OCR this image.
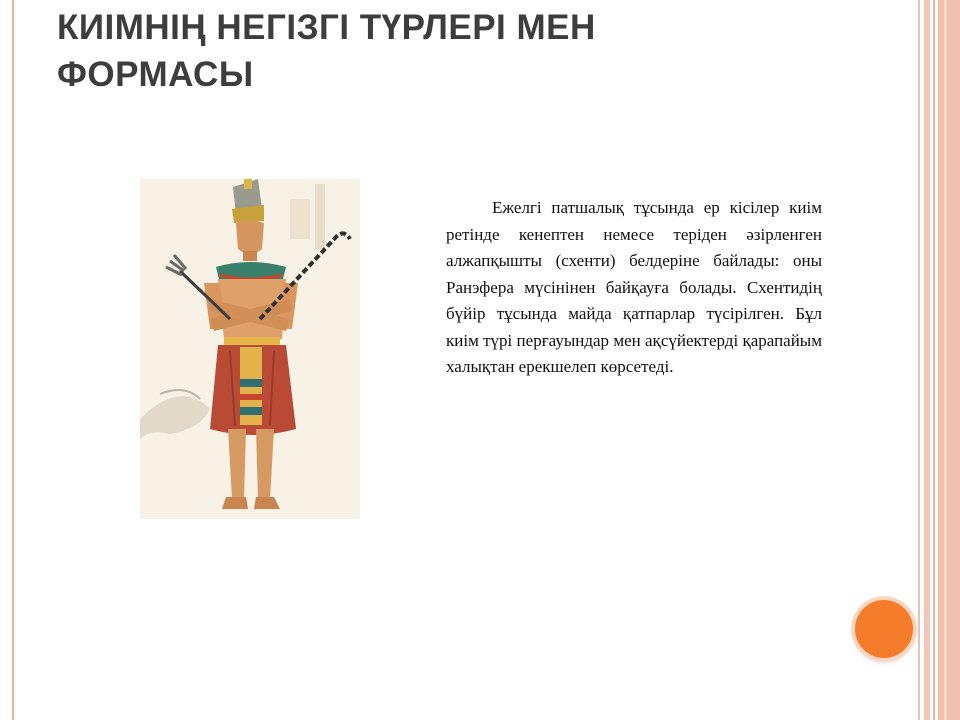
КИІМНІҢ НЕГІЗГІ ТҮРЛЕРІ МЕН ФОРМАСЫ

Ежелгі патшалық тұсында ер кісілер киім ретінде кенептен немесе теріден әзірленген алжапқышты (схенти) белдеріне байлады: оны Ранэфера мүсінінен байқауға болады. Схентидің бүйір тұсында майда қатпарлар түсірілген. Бұл киім түрі перғауындар мен ақсүйектерді қарапайым халықтан ерекшелеп көрсетеді.
